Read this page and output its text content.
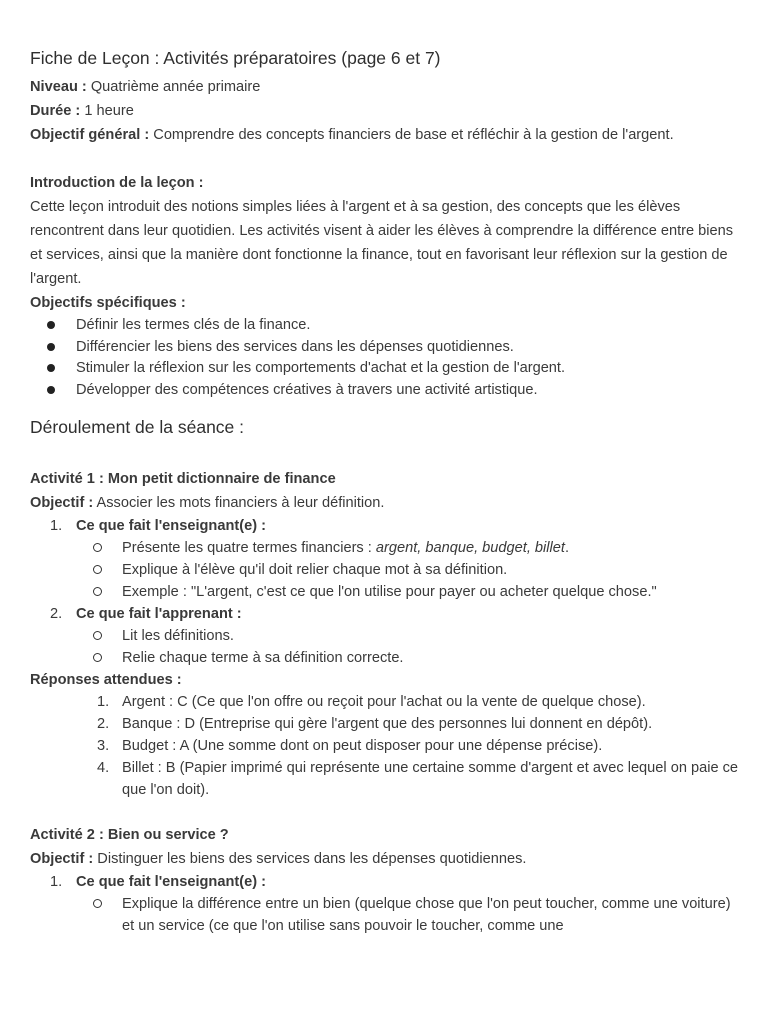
Fiche de Leçon : Activités préparatoires (page 6 et 7)

Niveau : Quatrième année primaire

Durée : 1 heure

Objectif général : Comprendre des concepts financiers de base et réfléchir à la gestion de l'argent.

Introduction de la leçon :

Cette leçon introduit des notions simples liées à l'argent et à sa gestion, des concepts que les élèves rencontrent dans leur quotidien. Les activités visent à aider les élèves à comprendre la différence entre biens et services, ainsi que la manière dont fonctionne la finance, tout en favorisant leur réflexion sur la gestion de l'argent.

Objectifs spécifiques :

Définir les termes clés de la finance.
Différencier les biens des services dans les dépenses quotidiennes.
Stimuler la réflexion sur les comportements d'achat et la gestion de l'argent.
Développer des compétences créatives à travers une activité artistique.

Déroulement de la séance :

Activité 1 : Mon petit dictionnaire de finance

Objectif : Associer les mots financiers à leur définition.

1. Ce que fait l'enseignant(e) :
Présente les quatre termes financiers : argent, banque, budget, billet.
Explique à l'élève qu'il doit relier chaque mot à sa définition.
Exemple : "L'argent, c'est ce que l'on utilise pour payer ou acheter quelque chose."
2. Ce que fait l'apprenant :
Lit les définitions.
Relie chaque terme à sa définition correcte.

Réponses attendues :

1. Argent : C (Ce que l'on offre ou reçoit pour l'achat ou la vente de quelque chose).
2. Banque : D (Entreprise qui gère l'argent que des personnes lui donnent en dépôt).
3. Budget : A (Une somme dont on peut disposer pour une dépense précise).
4. Billet : B (Papier imprimé qui représente une certaine somme d'argent et avec lequel on paie ce que l'on doit).

Activité 2 : Bien ou service ?

Objectif : Distinguer les biens des services dans les dépenses quotidiennes.

1. Ce que fait l'enseignant(e) :
Explique la différence entre un bien (quelque chose que l'on peut toucher, comme une voiture) et un service (ce que l'on utilise sans pouvoir le toucher, comme une
